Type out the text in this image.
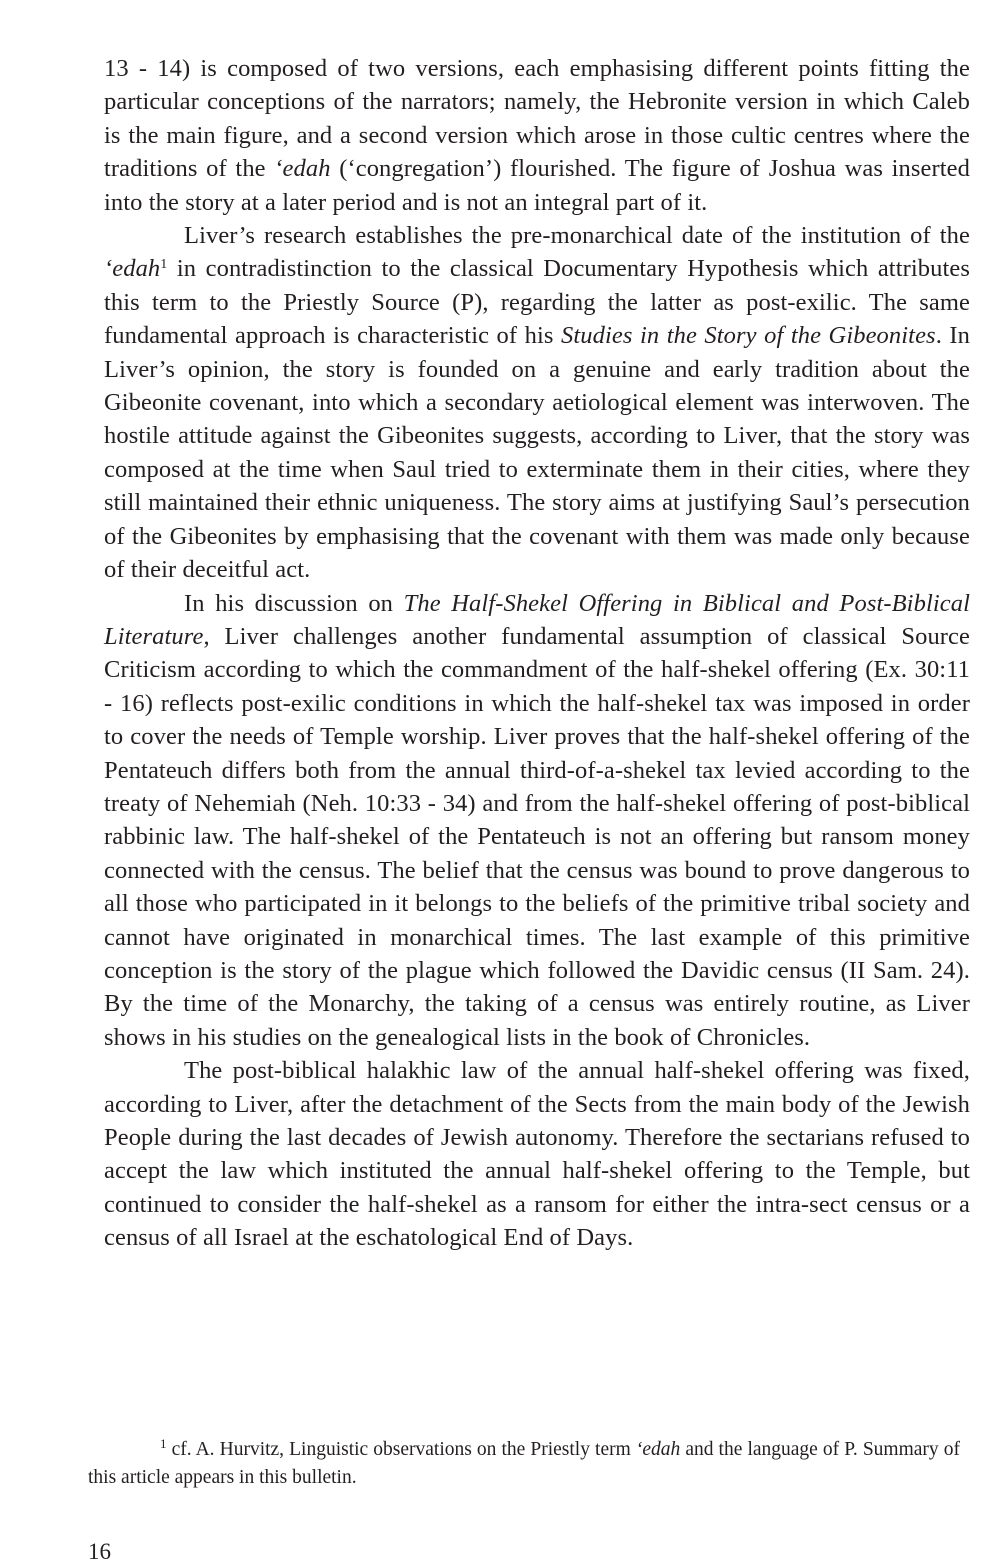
13 - 14) is composed of two versions, each emphasising different points fitting the particular conceptions of the narrators; namely, the Hebronite version in which Caleb is the main figure, and a second version which arose in those cultic centres where the traditions of the ‘edah (‘congregation’) flourished. The figure of Joshua was inserted into the story at a later period and is not an integral part of it.

Liver’s research establishes the pre-monarchical date of the institution of the ‘edah$^1$ in contradistinction to the classical Documentary Hypothesis which attributes this term to the Priestly Source (P), regarding the latter as post-exilic. The same fundamental approach is characteristic of his Studies in the Story of the Gibeonites. In Liver’s opinion, the story is founded on a genuine and early tradition about the Gibeonite covenant, into which a secondary aetiological element was interwoven. The hostile attitude against the Gibeonites suggests, according to Liver, that the story was composed at the time when Saul tried to exterminate them in their cities, where they still maintained their ethnic uniqueness. The story aims at justifying Saul’s persecution of the Gibeonites by emphasising that the covenant with them was made only because of their deceitful act.

In his discussion on The Half-Shekel Offering in Biblical and Post-Biblical Literature, Liver challenges another fundamental assumption of classical Source Criticism according to which the commandment of the half-shekel offering (Ex. 30:11 - 16) reflects post-exilic conditions in which the half-shekel tax was imposed in order to cover the needs of Temple worship. Liver proves that the half-shekel offering of the Pentateuch differs both from the annual third-of-a-shekel tax levied according to the treaty of Nehemiah (Neh. 10:33 - 34) and from the half-shekel offering of post-biblical rabbinic law. The half-shekel of the Pentateuch is not an offering but ransom money connected with the census. The belief that the census was bound to prove dangerous to all those who participated in it belongs to the beliefs of the primitive tribal society and cannot have originated in monarchical times. The last example of this primitive conception is the story of the plague which followed the Davidic census (II Sam. 24). By the time of the Monarchy, the taking of a census was entirely routine, as Liver shows in his studies on the genealogical lists in the book of Chronicles.

The post-biblical halakhic law of the annual half-shekel offering was fixed, according to Liver, after the detachment of the Sects from the main body of the Jewish People during the last decades of Jewish autonomy. Therefore the sectarians refused to accept the law which instituted the annual half-shekel offering to the Temple, but continued to consider the half-shekel as a ransom for either the intra-sect census or a census of all Israel at the eschatological End of Days.

$^1$ cf. A. Hurvitz, Linguistic observations on the Priestly term ‘edah and the language of P. Summary of this article appears in this bulletin.

16
